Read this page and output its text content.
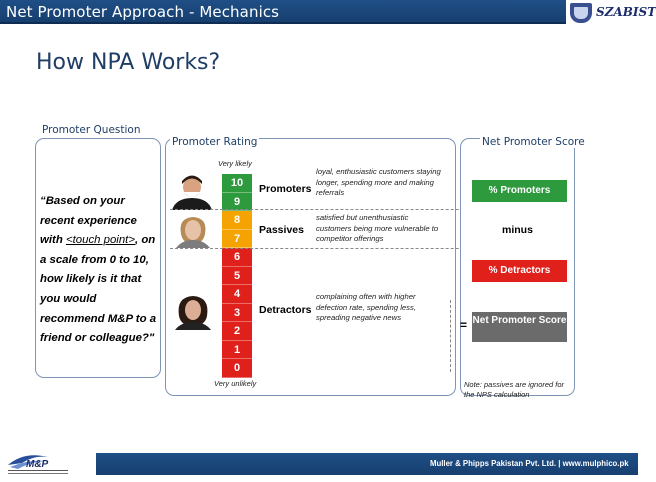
Net Promoter Approach - Mechanics	SZABIST
How NPA Works?
Promoter Question
“Based on your recent experience with <touch point>, on a scale from 0 to 10, how likely is it that you would recommend M&P to a friend or colleague?"
Promoter Rating
Very likely
Very unlikely
10
9
8
7
6
5
4
3
2
1
0
Promoters
Passives
Detractors
loyal, enthusiastic customers staying longer, spending more and making referrals
satisfied but unenthusiastic customers being more vulnerable to competitor offerings
complaining often with higher defection rate, spending less, spreading negative news
Net Promoter Score
% Promoters
minus
% Detractors
= Net Promoter Score
Note: passives are ignored for the NPS calculation
Muller & Phipps Pakistan Pvt. Ltd. | www.mulphico.pk
M&P
